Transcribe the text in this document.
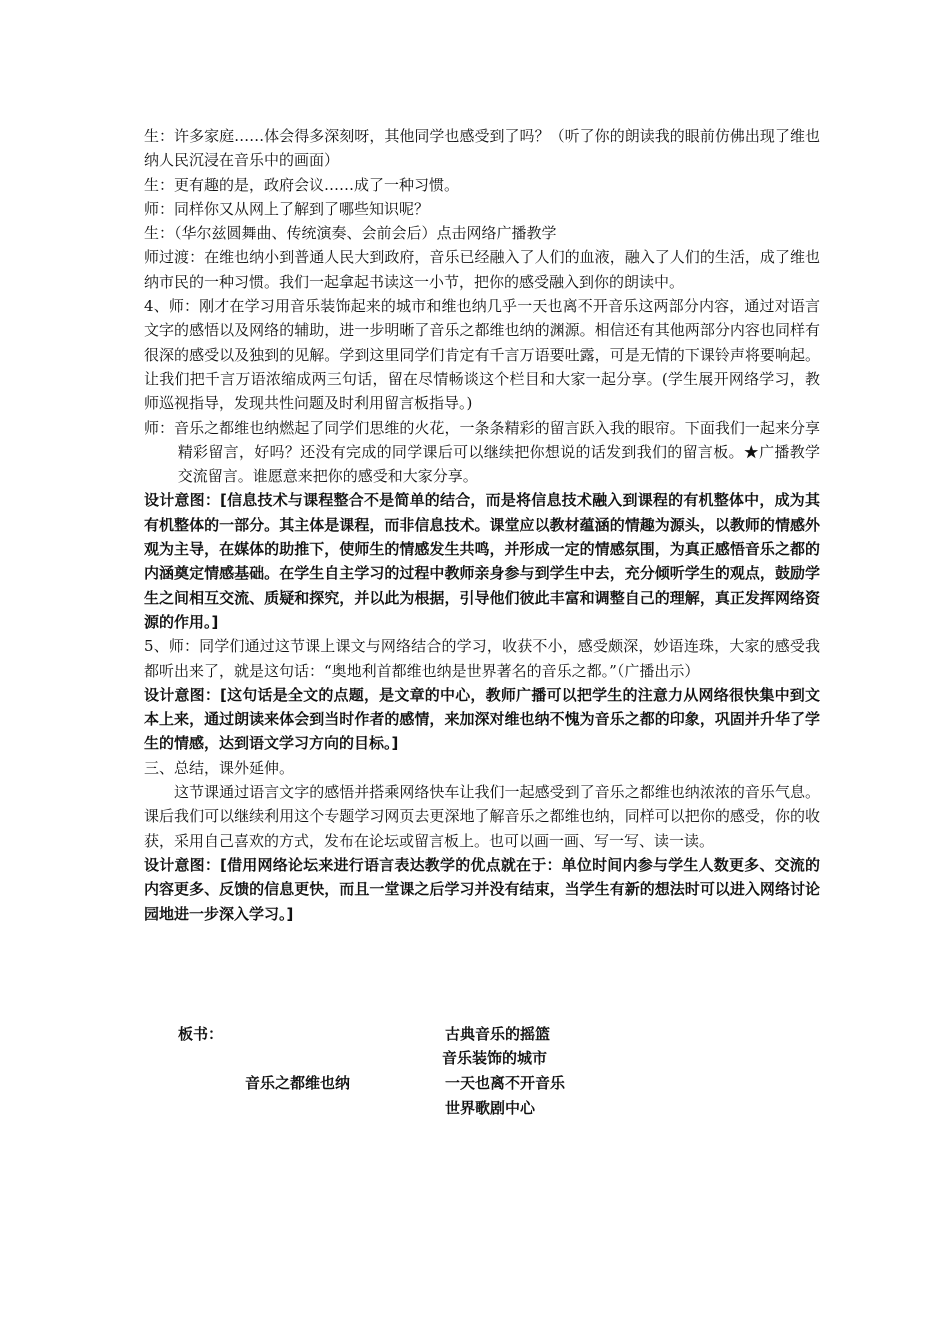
生：许多家庭……体会得多深刻呀，其他同学也感受到了吗？（听了你的朗读我的眼前仿佛出现了维也纳人民沉浸在音乐中的画面）

生：更有趣的是，政府会议……成了一种习惯。

师：同样你又从网上了解到了哪些知识呢？

生：（华尔兹圆舞曲、传统演奏、会前会后）点击网络广播教学

师过渡：在维也纳小到普通人民大到政府，音乐已经融入了人们的血液，融入了人们的生活，成了维也纳市民的一种习惯。我们一起拿起书读这一小节，把你的感受融入到你的朗读中。

4、师：刚才在学习用音乐装饰起来的城市和维也纳几乎一天也离不开音乐这两部分内容，通过对语言文字的感悟以及网络的辅助，进一步明晰了音乐之都维也纳的渊源。相信还有其他两部分内容也同样有很深的感受以及独到的见解。学到这里同学们肯定有千言万语要吐露，可是无情的下课铃声将要响起。让我们把千言万语浓缩成两三句话，留在尽情畅谈这个栏目和大家一起分享。(学生展开网络学习，教师巡视指导，发现共性问题及时利用留言板指导。)

师：音乐之都维也纳燃起了同学们思维的火花，一条条精彩的留言跃入我的眼帘。下面我们一起来分享精彩留言，好吗？还没有完成的同学课后可以继续把你想说的话发到我们的留言板。★广播教学交流留言。谁愿意来把你的感受和大家分享。

设计意图：[信息技术与课程整合不是简单的结合，而是将信息技术融入到课程的有机整体中，成为其有机整体的一部分。其主体是课程，而非信息技术。课堂应以教材蕴涵的情趣为源头，以教师的情感外观为主导，在媒体的助推下，使师生的情感发生共鸣，并形成一定的情感氛围，为真正感悟音乐之都的内涵奠定情感基础。在学生自主学习的过程中教师亲身参与到学生中去，充分倾听学生的观点，鼓励学生之间相互交流、质疑和探究，并以此为根据，引导他们彼此丰富和调整自己的理解，真正发挥网络资源的作用。]

5、师：同学们通过这节课上课文与网络结合的学习，收获不小，感受颇深，妙语连珠，大家的感受我都听出来了，就是这句话：“奥地利首都维也纳是世界著名的音乐之都。”（广播出示）

设计意图：[这句话是全文的点题，是文章的中心，教师广播可以把学生的注意力从网络很快集中到文本上来，通过朗读来体会到当时作者的感情，来加深对维也纳不愧为音乐之都的印象，巩固并升华了学生的情感，达到语文学习方向的目标。]

三、总结，课外延伸。

这节课通过语言文字的感悟并搭乘网络快车让我们一起感受到了音乐之都维也纳浓浓的音乐气息。课后我们可以继续利用这个专题学习网页去更深地了解音乐之都维也纳，同样可以把你的感受，你的收获，采用自己喜欢的方式，发布在论坛或留言板上。也可以画一画、写一写、读一读。

设计意图：[借用网络论坛来进行语言表达教学的优点就在于：单位时间内参与学生人数更多、交流的内容更多、反馈的信息更快，而且一堂课之后学习并没有结束，当学生有新的想法时可以进入网络讨论园地进一步深入学习。]

板书：	古典音乐的摇篮
音乐装饰的城市
音乐之都维也纳	一天也离不开音乐
世界歌剧中心
